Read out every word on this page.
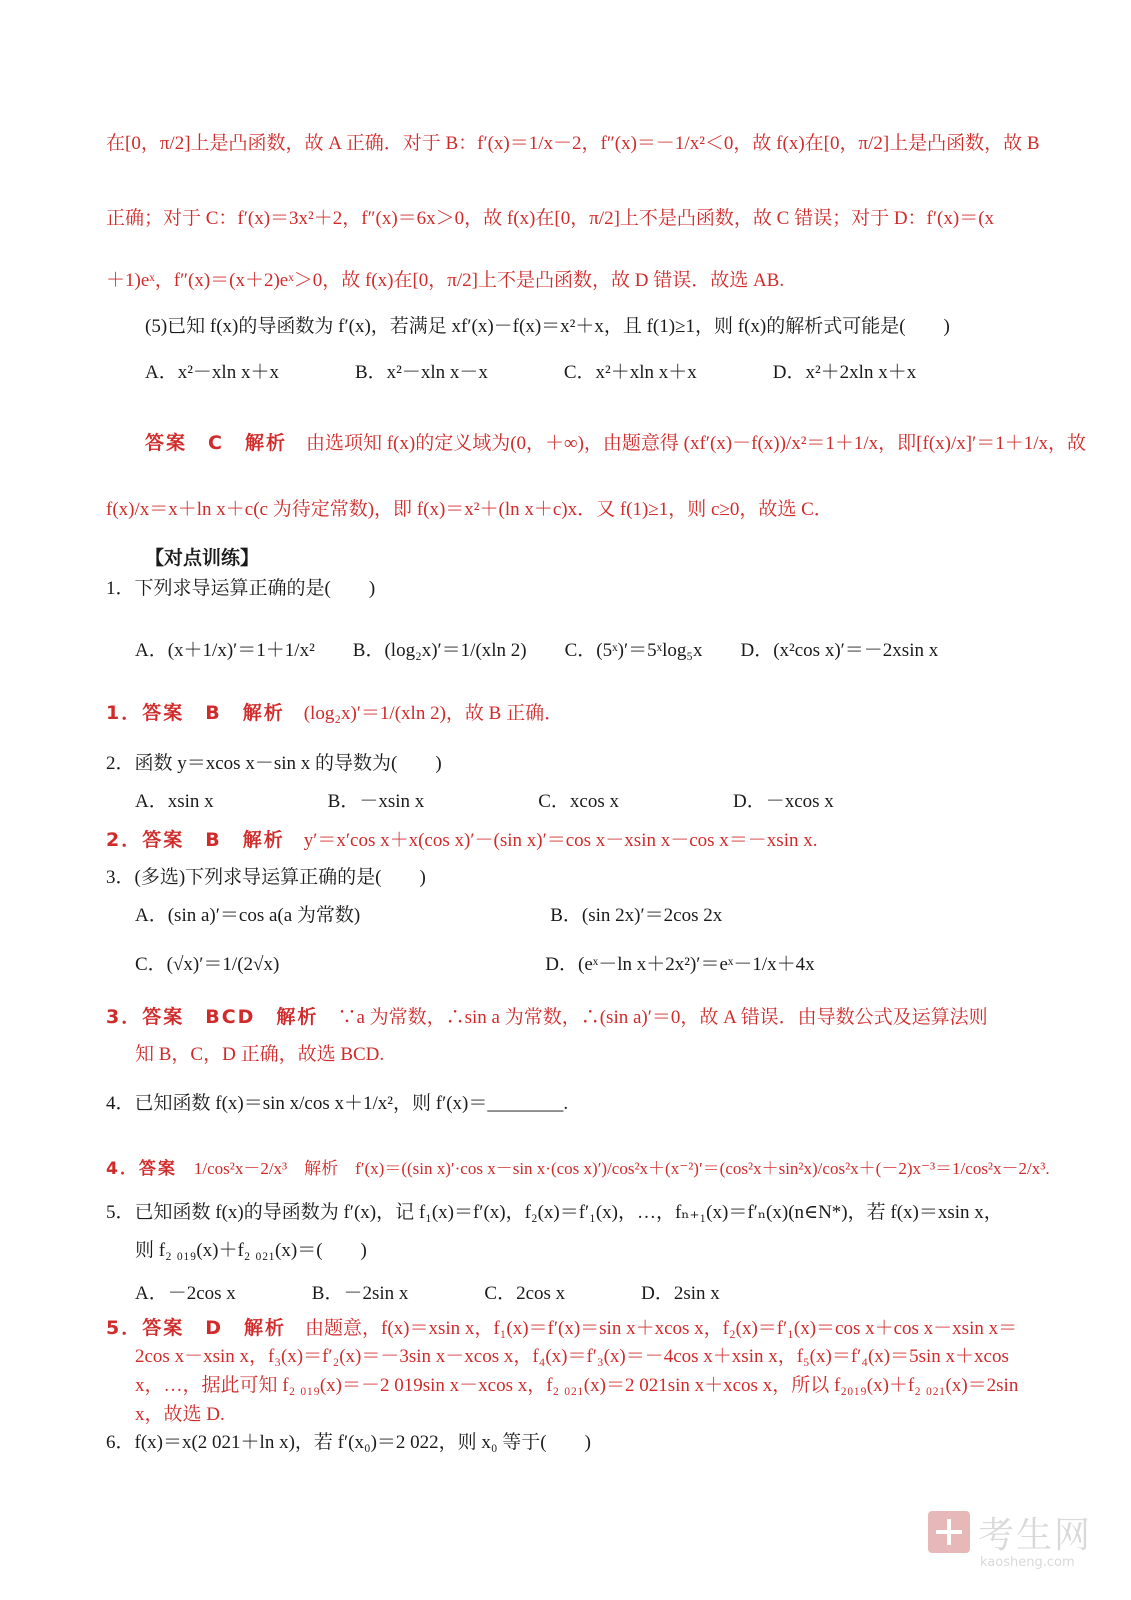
在[0，π/2]上是凸函数，故 A 正确．对于 B：f′(x)＝1/x－2，f″(x)＝－1/x²＜0，故 f(x)在[0，π/2]上是凸函数，故 B
正确；对于 C：f′(x)＝3x²＋2，f″(x)＝6x＞0，故 f(x)在[0，π/2]上不是凸函数，故 C 错误；对于 D：f′(x)＝(x
＋1)eˣ，f″(x)＝(x＋2)eˣ＞0，故 f(x)在[0，π/2]上不是凸函数，故 D 错误．故选 AB.
(5)已知 f(x)的导函数为 f′(x)，若满足 xf′(x)－f(x)＝x²＋x，且 f(1)≥1，则 f(x)的解析式可能是(　　)
A．x²－xln x＋x　　　　B．x²－xln x－x　　　　C．x²＋xln x＋x　　　　D．x²＋2xln x＋x
答案　C　解析　 由选项知 f(x)的定义域为(0，＋∞)，由题意得 (xf′(x)－f(x))/x²＝1＋1/x，即[f(x)/x]′＝1＋1/x，故
f(x)/x＝x＋ln x＋c(c 为待定常数)，即 f(x)＝x²＋(ln x＋c)x．又 f(1)≥1，则 c≥0，故选 C．
【对点训练】
1．下列求导运算正确的是(　　)
A．(x＋1/x)′＝1＋1/x²　　B．(log₂x)′＝1/(xln 2)　　C．(5ˣ)′＝5ˣlog₅x　　D．(x²cos x)′＝－2xsin x
1．答案　B　解析　 (log₂x)′＝1/(xln 2)，故 B 正确．
2．函数 y＝xcos x－sin x 的导数为(　　)
A．xsin x　　　　　　B．－xsin x　　　　　　C．xcos x　　　　　　D．－xcos x
2．答案　B　解析　 y′＝x′cos x＋x(cos x)′－(sin x)′＝cos x－xsin x－cos x＝－xsin x.
3．(多选)下列求导运算正确的是(　　)
A．(sin a)′＝cos a(a 为常数)　　　　　　　　　　B．(sin 2x)′＝2cos 2x
C．(√x)′＝1/(2√x)　　　　　　　　　　　　　　D．(eˣ－ln x＋2x²)′＝eˣ－1/x＋4x
3．答案　BCD　解析　 ∵a 为常数，∴sin a 为常数，∴(sin a)′＝0，故 A 错误．由导数公式及运算法则
知 B，C，D 正确，故选 BCD.
4．已知函数 f(x)＝sin x/cos x＋1/x²，则 f′(x)＝________.
4．答案　 1/cos²x－2/x³　解析　f′(x)＝((sin x)′·cos x－sin x·(cos x)′)/cos²x＋(x⁻²)′＝(cos²x＋sin²x)/cos²x＋(－2)x⁻³＝1/cos²x－2/x³.
5．已知函数 f(x)的导函数为 f′(x)，记 f₁(x)＝f′(x)，f₂(x)＝f′₁(x)，…，fₙ₊₁(x)＝f′ₙ(x)(n∈N*)，若 f(x)＝xsin x，
则 f₂ ₀₁₉(x)＋f₂ ₀₂₁(x)＝(　　)
A．－2cos x　　　　B．－2sin x　　　　C．2cos x　　　　D．2sin x
5．答案　D　解析　 由题意，f(x)＝xsin x，f₁(x)＝f′(x)＝sin x＋xcos x，f₂(x)＝f′₁(x)＝cos x＋cos x－xsin x＝
2cos x－xsin x，f₃(x)＝f′₂(x)＝－3sin x－xcos x，f₄(x)＝f′₃(x)＝－4cos x＋xsin x，f₅(x)＝f′₄(x)＝5sin x＋xcos
x，…，据此可知 f₂ ₀₁₉(x)＝－2 019sin x－xcos x，f₂ ₀₂₁(x)＝2 021sin x＋xcos x，所以 f₂₀₁₉(x)＋f₂ ₀₂₁(x)＝2sin
x，故选 D.
6．f(x)＝x(2 021＋ln x)，若 f′(x₀)＝2 022，则 x₀ 等于(　　)
考生网
kaosheng.com
